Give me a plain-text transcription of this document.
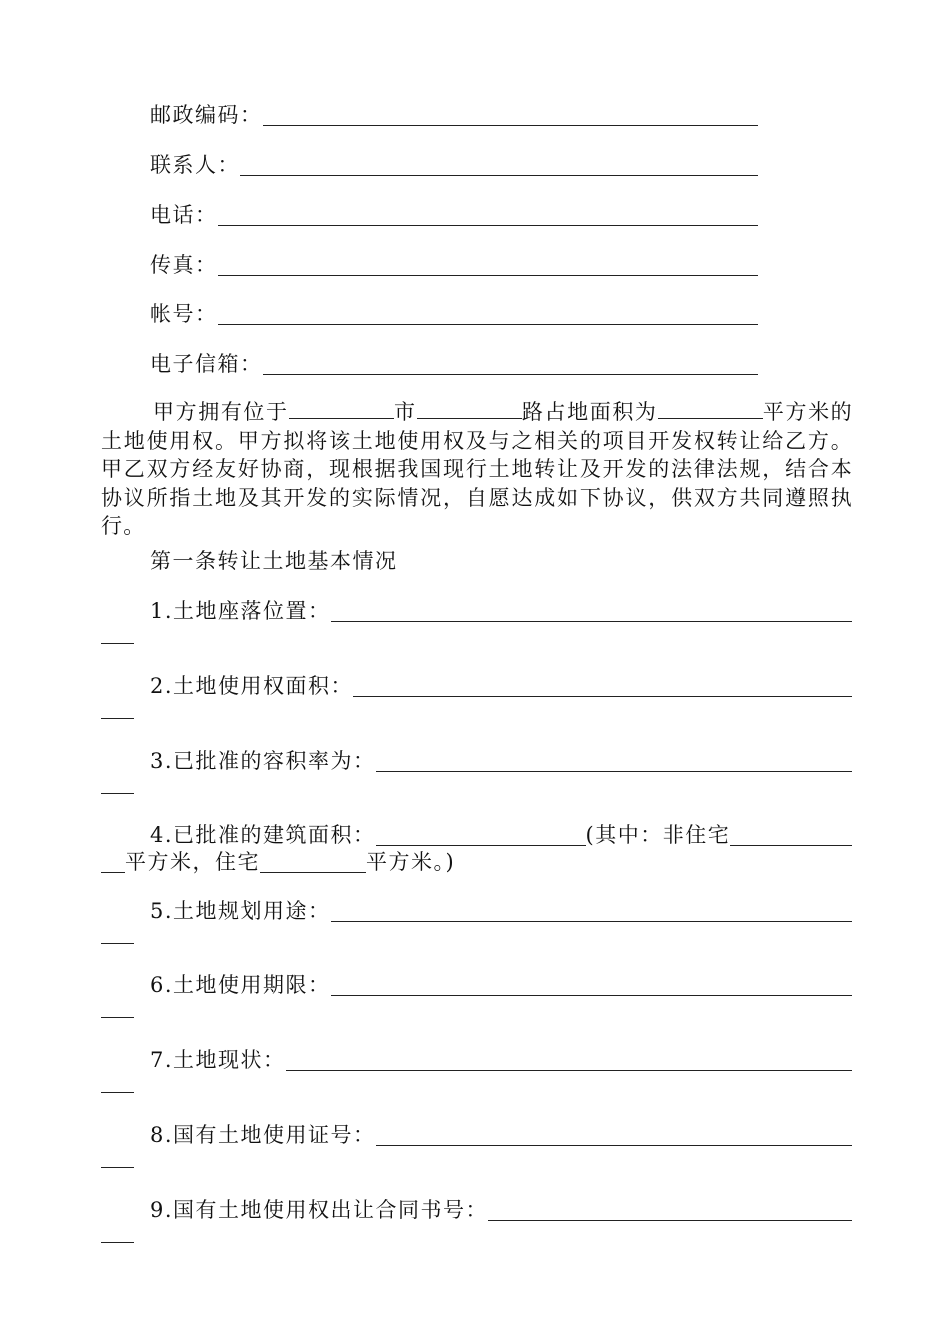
邮政编码：
联系人：
电话：
传真：
帐号：
电子信箱：
甲方拥有位于	市	路占地面积为	平方米的土地使用权。甲方拟将该土地使用权及与之相关的项目开发权转让给乙方。甲乙双方经友好协商，现根据我国现行土地转让及开发的法律法规，结合本协议所指土地及其开发的实际情况，自愿达成如下协议，供双方共同遵照执行。
第一条转让土地基本情况
1.土地座落位置：
2.土地使用权面积：
3.已批准的容积率为：
4.已批准的建筑面积：	(其中：非住宅
平方米，住宅	平方米。)
5.土地规划用途：
6.土地使用期限：
7.土地现状：
8.国有土地使用证号：
9.国有土地使用权出让合同书号：
